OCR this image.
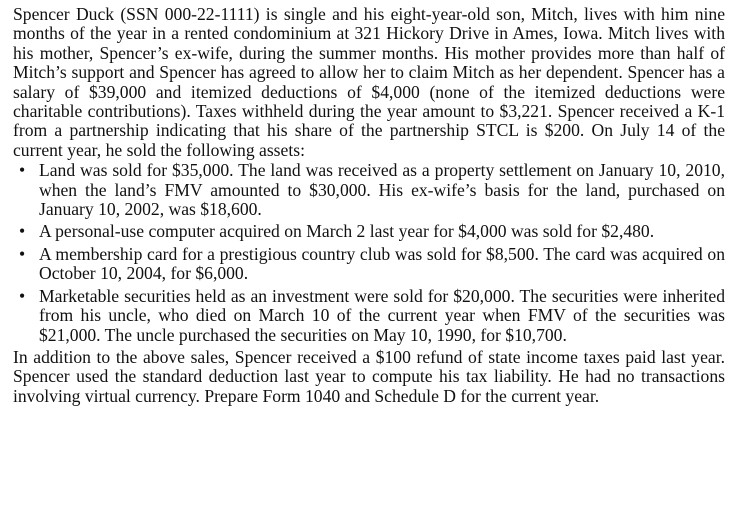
Spencer Duck (SSN 000-22-1111) is single and his eight-year-old son, Mitch, lives with him nine months of the year in a rented condominium at 321 Hickory Drive in Ames, Iowa. Mitch lives with his mother, Spencer’s ex-wife, during the summer months. His mother provides more than half of Mitch’s support and Spencer has agreed to allow her to claim Mitch as her dependent. Spencer has a salary of $39,000 and itemized deductions of $4,000 (none of the itemized deductions were charitable contributions). Taxes withheld during the year amount to $3,221. Spencer received a K-1 from a partnership indicating that his share of the partnership STCL is $200. On July 14 of the current year, he sold the following assets:

• Land was sold for $35,000. The land was received as a property settlement on January 10, 2010, when the land’s FMV amounted to $30,000. His ex-wife’s basis for the land, purchased on January 10, 2002, was $18,600.
• A personal-use computer acquired on March 2 last year for $4,000 was sold for $2,480.
• A membership card for a prestigious country club was sold for $8,500. The card was acquired on October 10, 2004, for $6,000.
• Marketable securities held as an investment were sold for $20,000. The securities were inherited from his uncle, who died on March 10 of the current year when FMV of the securities was $21,000. The uncle purchased the securities on May 10, 1990, for $10,700.

In addition to the above sales, Spencer received a $100 refund of state income taxes paid last year. Spencer used the standard deduction last year to compute his tax liability. He had no transactions involving virtual currency. Prepare Form 1040 and Schedule D for the current year.
